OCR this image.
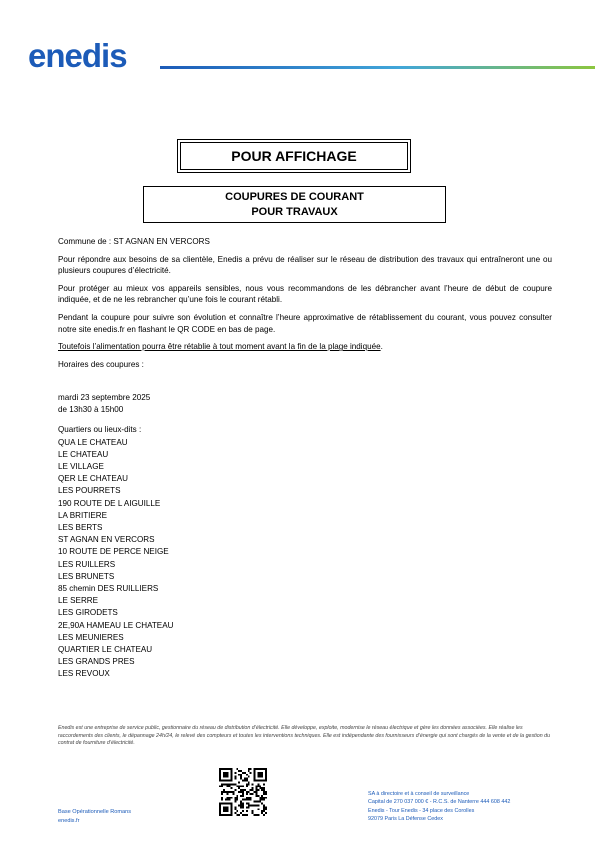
enedis
POUR AFFICHAGE
COUPURES DE COURANT
POUR TRAVAUX

Commune de : ST AGNAN EN VERCORS

Pour répondre aux besoins de sa clientèle, Enedis a prévu de réaliser sur le réseau de distribution des travaux qui entraîneront une ou plusieurs coupures d’électricité.

Pour protéger au mieux vos appareils sensibles, nous vous recommandons de les débrancher avant l’heure de début de coupure indiquée, et de ne les rebrancher qu’une fois le courant rétabli.

Pendant la coupure pour suivre son évolution et connaître l’heure approximative de rétablissement du courant, vous pouvez consulter notre site enedis.fr en flashant le QR CODE en bas de page.

Toutefois l’alimentation pourra être rétablie à tout moment avant la fin de la plage indiquée.

Horaires des coupures :

mardi 23 septembre 2025
de 13h30 à 15h00
Quartiers ou lieux-dits :
QUA LE CHATEAU
LE CHATEAU
LE VILLAGE
QER LE CHATEAU
LES POURRETS
190 ROUTE DE L AIGUILLE
LA BRITIERE
LES BERTS
ST AGNAN EN VERCORS
10 ROUTE DE PERCE NEIGE
LES RUILLERS
LES BRUNETS
85 chemin DES RUILLIERS
LE SERRE
LES GIRODETS
2E,90A HAMEAU LE CHATEAU
LES MEUNIERES
QUARTIER LE CHATEAU
LES GRANDS PRES
LES REVOUX
Enedis est une entreprise de service public, gestionnaire du réseau de distribution d’électricité. Elle développe, exploite, modernise le réseau électrique et gère les données associées. Elle réalise les raccordements des clients, le dépannage 24h/24, le relevé des compteurs et toutes les interventions techniques. Elle est indépendante des fournisseurs d’énergie qui sont chargés de la vente et de la gestion du contrat de fourniture d’électricité.
Base Opérationnelle Romans
enedis.fr
SA à directoire et à conseil de surveillance
Capital de 270 037 000 € - R.C.S. de Nanterre 444 608 442
Enedis - Tour Enedis - 34 place des Corolles
92079 Paris La Défense Cedex
